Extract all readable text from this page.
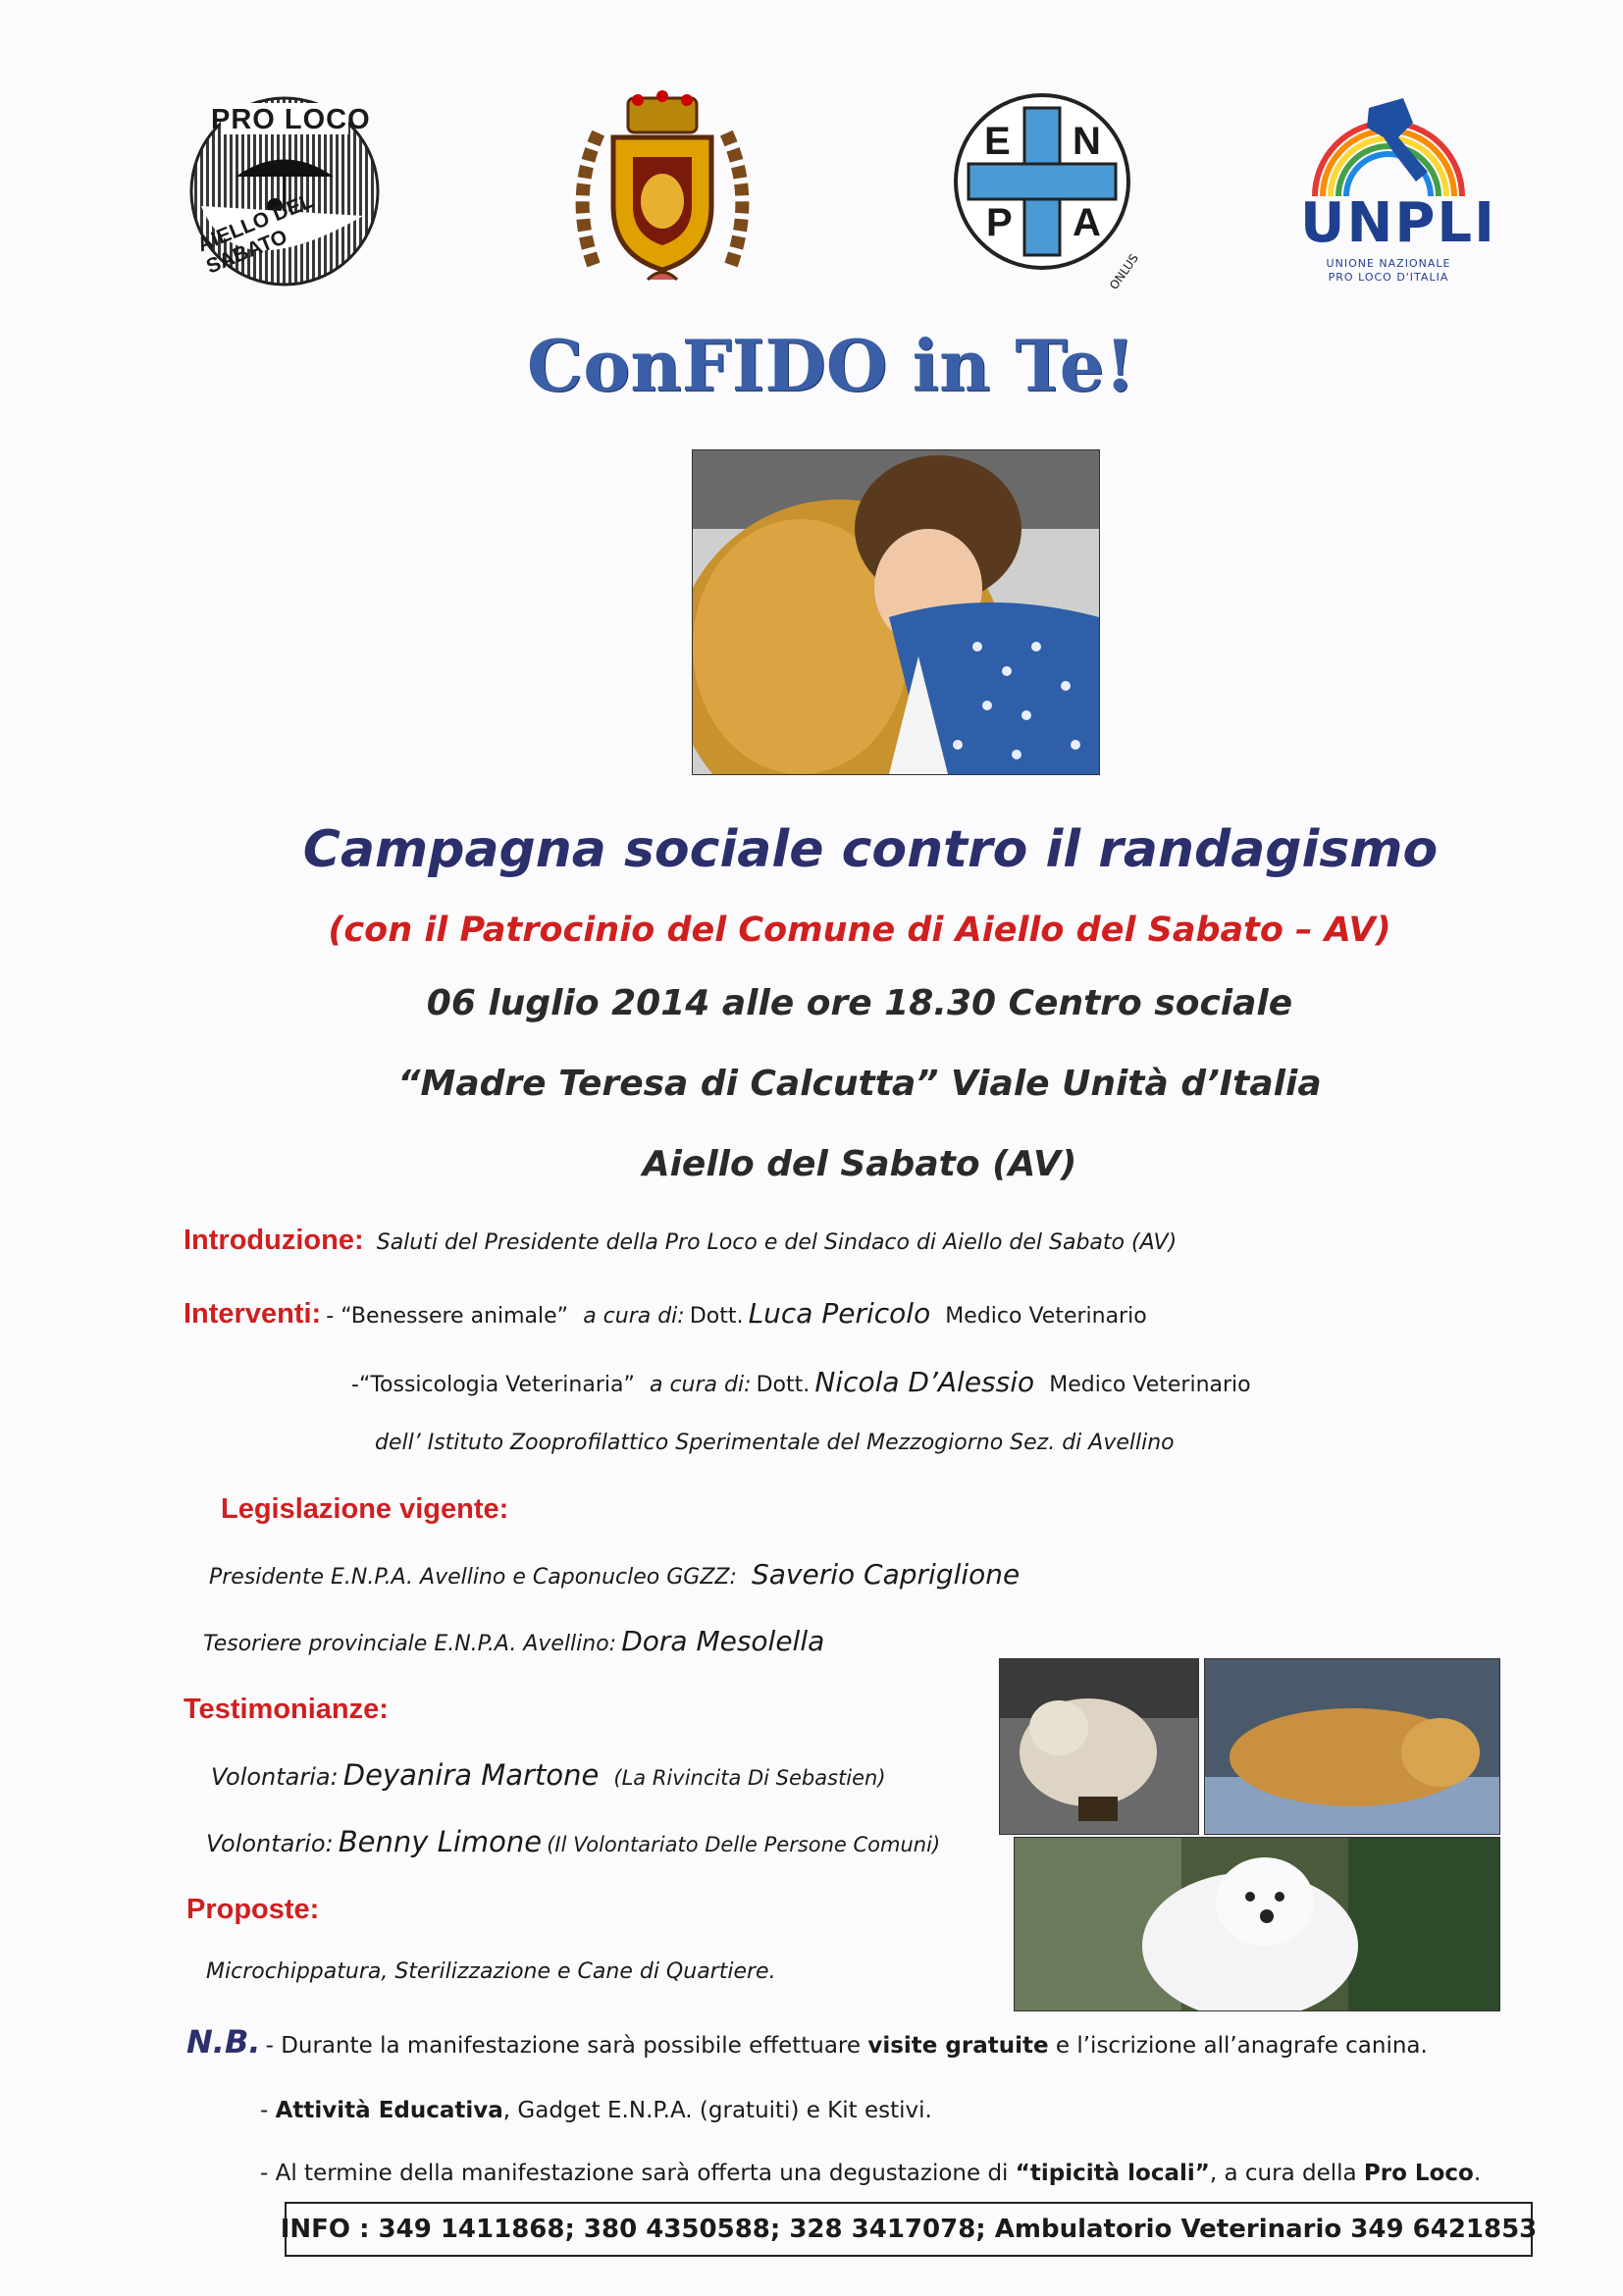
PRO LOCO
AIELLO DEL SABATO
E N
P A
ONLUS
UNPLI
UNIONE NAZIONALE
PRO LOCO D'ITALIA
ConFIDO in Te!
Campagna sociale contro il randagismo
(con il Patrocinio del Comune di Aiello del Sabato – AV)
06 luglio 2014 alle ore 18.30 Centro sociale
“Madre Teresa di Calcutta” Viale Unità d’Italia
Aiello del Sabato (AV)
Introduzione: Saluti del Presidente della Pro Loco e del Sindaco di Aiello del Sabato (AV)
Interventi: - “Benessere animale” a cura di: Dott. Luca Pericolo Medico Veterinario
-“Tossicologia Veterinaria” a cura di: Dott. Nicola D’Alessio Medico Veterinario
dell’ Istituto Zooprofilattico Sperimentale del Mezzogiorno Sez. di Avellino
Legislazione vigente:
Presidente E.N.P.A. Avellino e Caponucleo GGZZ: Saverio Capriglione
Tesoriere provinciale E.N.P.A. Avellino: Dora Mesolella
Testimonianze:
Volontaria: Deyanira Martone (La Rivincita Di Sebastien)
Volontario: Benny Limone (Il Volontariato Delle Persone Comuni)
Proposte:
Microchippatura, Sterilizzazione e Cane di Quartiere.
N.B. - Durante la manifestazione sarà possibile effettuare visite gratuite e l’iscrizione all’anagrafe canina.
- Attività Educativa, Gadget E.N.P.A. (gratuiti) e Kit estivi.
- Al termine della manifestazione sarà offerta una degustazione di “tipicità locali”, a cura della Pro Loco.
INFO : 349 1411868; 380 4350588; 328 3417078; Ambulatorio Veterinario 349 6421853
